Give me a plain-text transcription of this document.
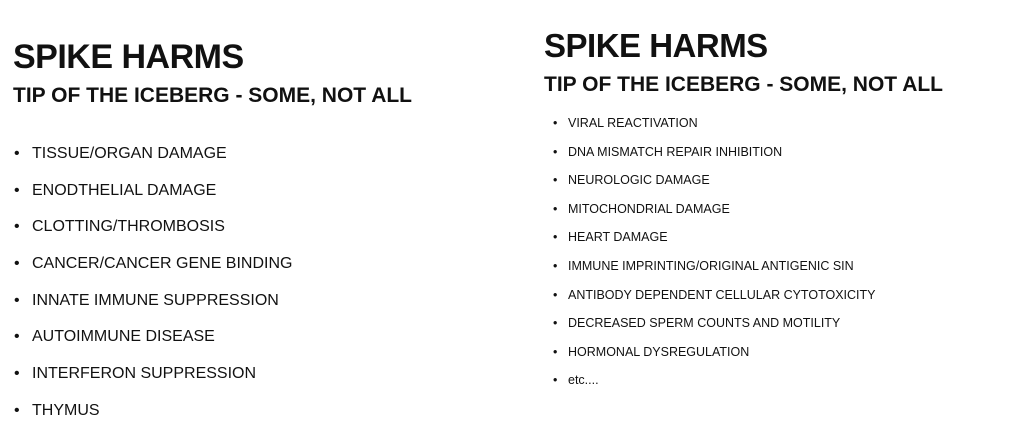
SPIKE HARMS
TIP OF THE ICEBERG - SOME, NOT ALL
• TISSUE/ORGAN DAMAGE
• ENODTHELIAL DAMAGE
• CLOTTING/THROMBOSIS
• CANCER/CANCER GENE BINDING
• INNATE IMMUNE SUPPRESSION
• AUTOIMMUNE DISEASE
• INTERFERON SUPPRESSION
• THYMUS
SPIKE HARMS
TIP OF THE ICEBERG - SOME, NOT ALL
• VIRAL REACTIVATION
• DNA MISMATCH REPAIR INHIBITION
• NEUROLOGIC DAMAGE
• MITOCHONDRIAL DAMAGE
• HEART DAMAGE
• IMMUNE IMPRINTING/ORIGINAL ANTIGENIC SIN
• ANTIBODY DEPENDENT CELLULAR CYTOTOXICITY
• DECREASED SPERM COUNTS AND MOTILITY
• HORMONAL DYSREGULATION
• etc....
